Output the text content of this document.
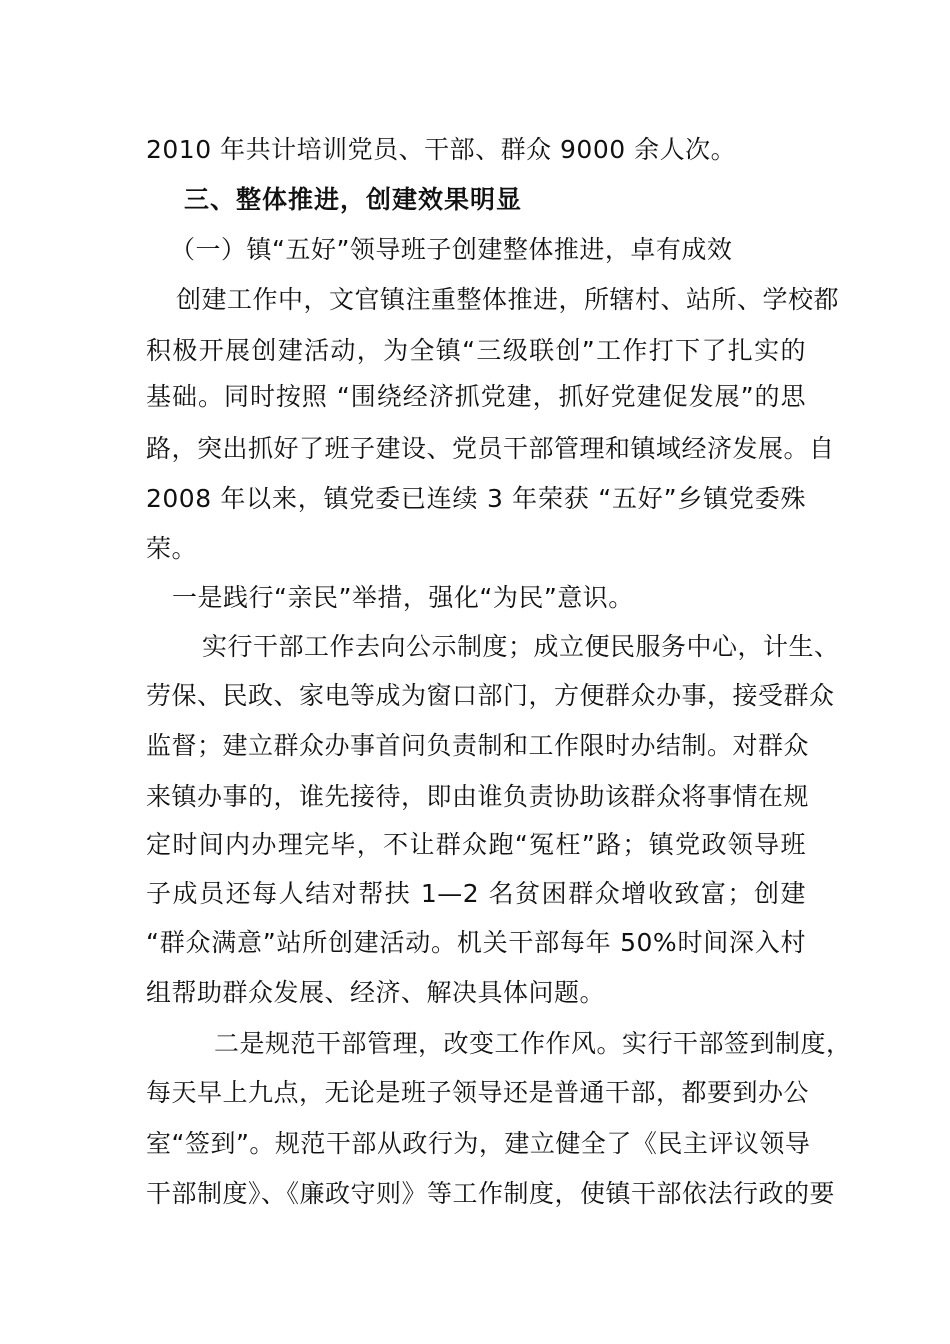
2010 年共计培训党员、干部、群众 9000 余人次。
三、整体推进，创建效果明显
（一）镇“五好”领导班子创建整体推进，卓有成效
创建工作中，文官镇注重整体推进，所辖村、站所、学校都
积极开展创建活动，为全镇“三级联创”工作打下了扎实的
基础。同时按照 “围绕经济抓党建，抓好党建促发展”的思
路，突出抓好了班子建设、党员干部管理和镇域经济发展。自
2008 年以来，镇党委已连续 3 年荣获 “五好”乡镇党委殊
荣。
一是践行“亲民”举措，强化“为民”意识。
实行干部工作去向公示制度；成立便民服务中心，计生、
劳保、民政、家电等成为窗口部门，方便群众办事，接受群众
监督；建立群众办事首问负责制和工作限时办结制。对群众
来镇办事的，谁先接待，即由谁负责协助该群众将事情在规
定时间内办理完毕，不让群众跑“冤枉”路；镇党政领导班
子成员还每人结对帮扶 1—2 名贫困群众增收致富；创建
“群众满意”站所创建活动。机关干部每年 50%时间深入村
组帮助群众发展、经济、解决具体问题。
二是规范干部管理，改变工作作风。实行干部签到制度，
每天早上九点，无论是班子领导还是普通干部，都要到办公
室“签到”。规范干部从政行为，建立健全了《民主评议领导
干部制度》、《廉政守则》等工作制度，使镇干部依法行政的要
